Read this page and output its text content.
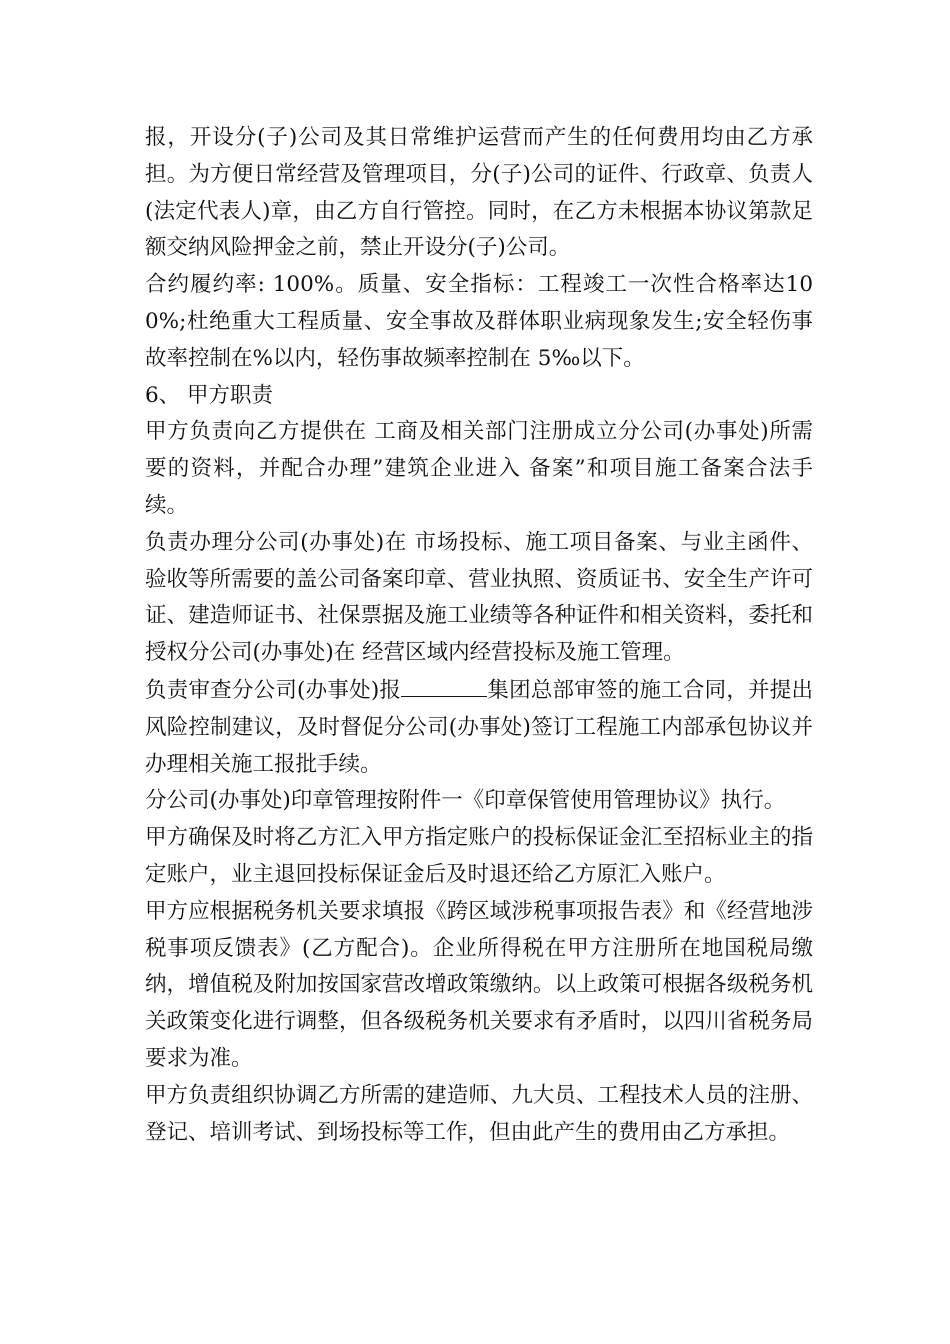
报，开设分(子)公司及其日常维护运营而产生的任何费用均由乙方承担。为方便日常经营及管理项目，分(子)公司的证件、行政章、负责人(法定代表人)章，由乙方自行管控。同时，在乙方未根据本协议第款足额交纳风险押金之前，禁止开设分(子)公司。

合约履约率: 100%。质量、安全指标：工程竣工一次性合格率达100%;杜绝重大工程质量、安全事故及群体职业病现象发生;安全轻伤事故率控制在%以内，轻伤事故频率控制在 5‰以下。

6、 甲方职责

甲方负责向乙方提供在 工商及相关部门注册成立分公司(办事处)所需要的资料，并配合办理”建筑企业进入 备案”和项目施工备案合法手续。

负责办理分公司(办事处)在 市场投标、施工项目备案、与业主函件、验收等所需要的盖公司备案印章、营业执照、资质证书、安全生产许可证、建造师证书、社保票据及施工业绩等各种证件和相关资料，委托和授权分公司(办事处)在 经营区域内经营投标及施工管理。

负责审查分公司(办事处)报	集团总部审签的施工合同，并提出风险控制建议，及时督促分公司(办事处)签订工程施工内部承包协议并办理相关施工报批手续。

分公司(办事处)印章管理按附件一《印章保管使用管理协议》执行。

甲方确保及时将乙方汇入甲方指定账户的投标保证金汇至招标业主的指定账户，业主退回投标保证金后及时退还给乙方原汇入账户。

甲方应根据税务机关要求填报《跨区域涉税事项报告表》和《经营地涉税事项反馈表》(乙方配合)。企业所得税在甲方注册所在地国税局缴纳，增值税及附加按国家营改增政策缴纳。以上政策可根据各级税务机关政策变化进行调整，但各级税务机关要求有矛盾时，以四川省税务局要求为准。

甲方负责组织协调乙方所需的建造师、九大员、工程技术人员的注册、登记、培训考试、到场投标等工作，但由此产生的费用由乙方承担。
